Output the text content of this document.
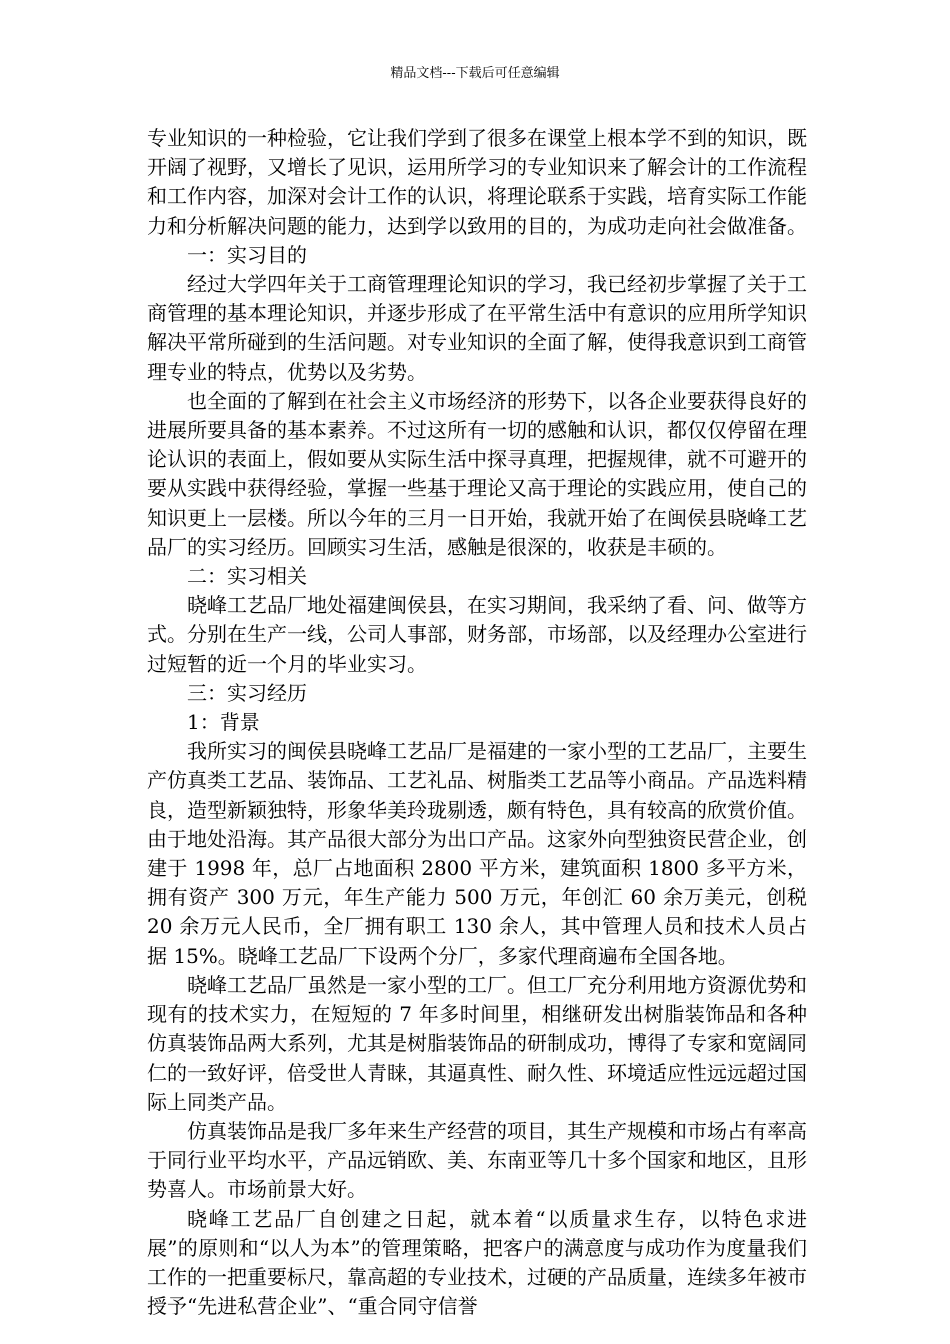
精品文档---下载后可任意编辑

专业知识的一种检验，它让我们学到了很多在课堂上根本学不到的知识，既开阔了视野，又增长了见识，运用所学习的专业知识来了解会计的工作流程和工作内容，加深对会计工作的认识，将理论联系于实践，培育实际工作能力和分析解决问题的能力，达到学以致用的目的，为成功走向社会做准备。

一：实习目的

经过大学四年关于工商管理理论知识的学习，我已经初步掌握了关于工商管理的基本理论知识，并逐步形成了在平常生活中有意识的应用所学知识解决平常所碰到的生活问题。对专业知识的全面了解，使得我意识到工商管理专业的特点，优势以及劣势。

也全面的了解到在社会主义市场经济的形势下，以各企业要获得良好的进展所要具备的基本素养。不过这所有一切的感触和认识，都仅仅停留在理论认识的表面上，假如要从实际生活中探寻真理，把握规律，就不可避开的要从实践中获得经验，掌握一些基于理论又高于理论的实践应用，使自己的知识更上一层楼。所以今年的三月一日开始，我就开始了在闽侯县晓峰工艺品厂的实习经历。回顾实习生活，感触是很深的，收获是丰硕的。

二：实习相关

晓峰工艺品厂地处福建闽侯县，在实习期间，我采纳了看、问、做等方式。分别在生产一线，公司人事部，财务部，市场部，以及经理办公室进行过短暂的近一个月的毕业实习。

三：实习经历

1：背景

我所实习的闽侯县晓峰工艺品厂是福建的一家小型的工艺品厂，主要生产仿真类工艺品、装饰品、工艺礼品、树脂类工艺品等小商品。产品选料精良，造型新颖独特，形象华美玲珑剔透，颇有特色，具有较高的欣赏价值。由于地处沿海。其产品很大部分为出口产品。这家外向型独资民营企业，创建于 1998 年，总厂占地面积 2800 平方米，建筑面积 1800 多平方米，拥有资产 300 万元，年生产能力 500 万元，年创汇 60 余万美元，创税 20 余万元人民币，全厂拥有职工 130 余人，其中管理人员和技术人员占据 15%。晓峰工艺品厂下设两个分厂，多家代理商遍布全国各地。

晓峰工艺品厂虽然是一家小型的工厂。但工厂充分利用地方资源优势和现有的技术实力，在短短的 7 年多时间里，相继研发出树脂装饰品和各种仿真装饰品两大系列，尤其是树脂装饰品的研制成功，博得了专家和宽阔同仁的一致好评，倍受世人青睐，其逼真性、耐久性、环境适应性远远超过国际上同类产品。

仿真装饰品是我厂多年来生产经营的项目，其生产规模和市场占有率高于同行业平均水平，产品远销欧、美、东南亚等几十多个国家和地区，且形势喜人。市场前景大好。

晓峰工艺品厂自创建之日起，就本着“以质量求生存，以特色求进展”的原则和“以人为本”的管理策略，把客户的满意度与成功作为度量我们工作的一把重要标尺，靠高超的专业技术，过硬的产品质量，连续多年被市授予“先进私营企业”、“重合同守信誉
